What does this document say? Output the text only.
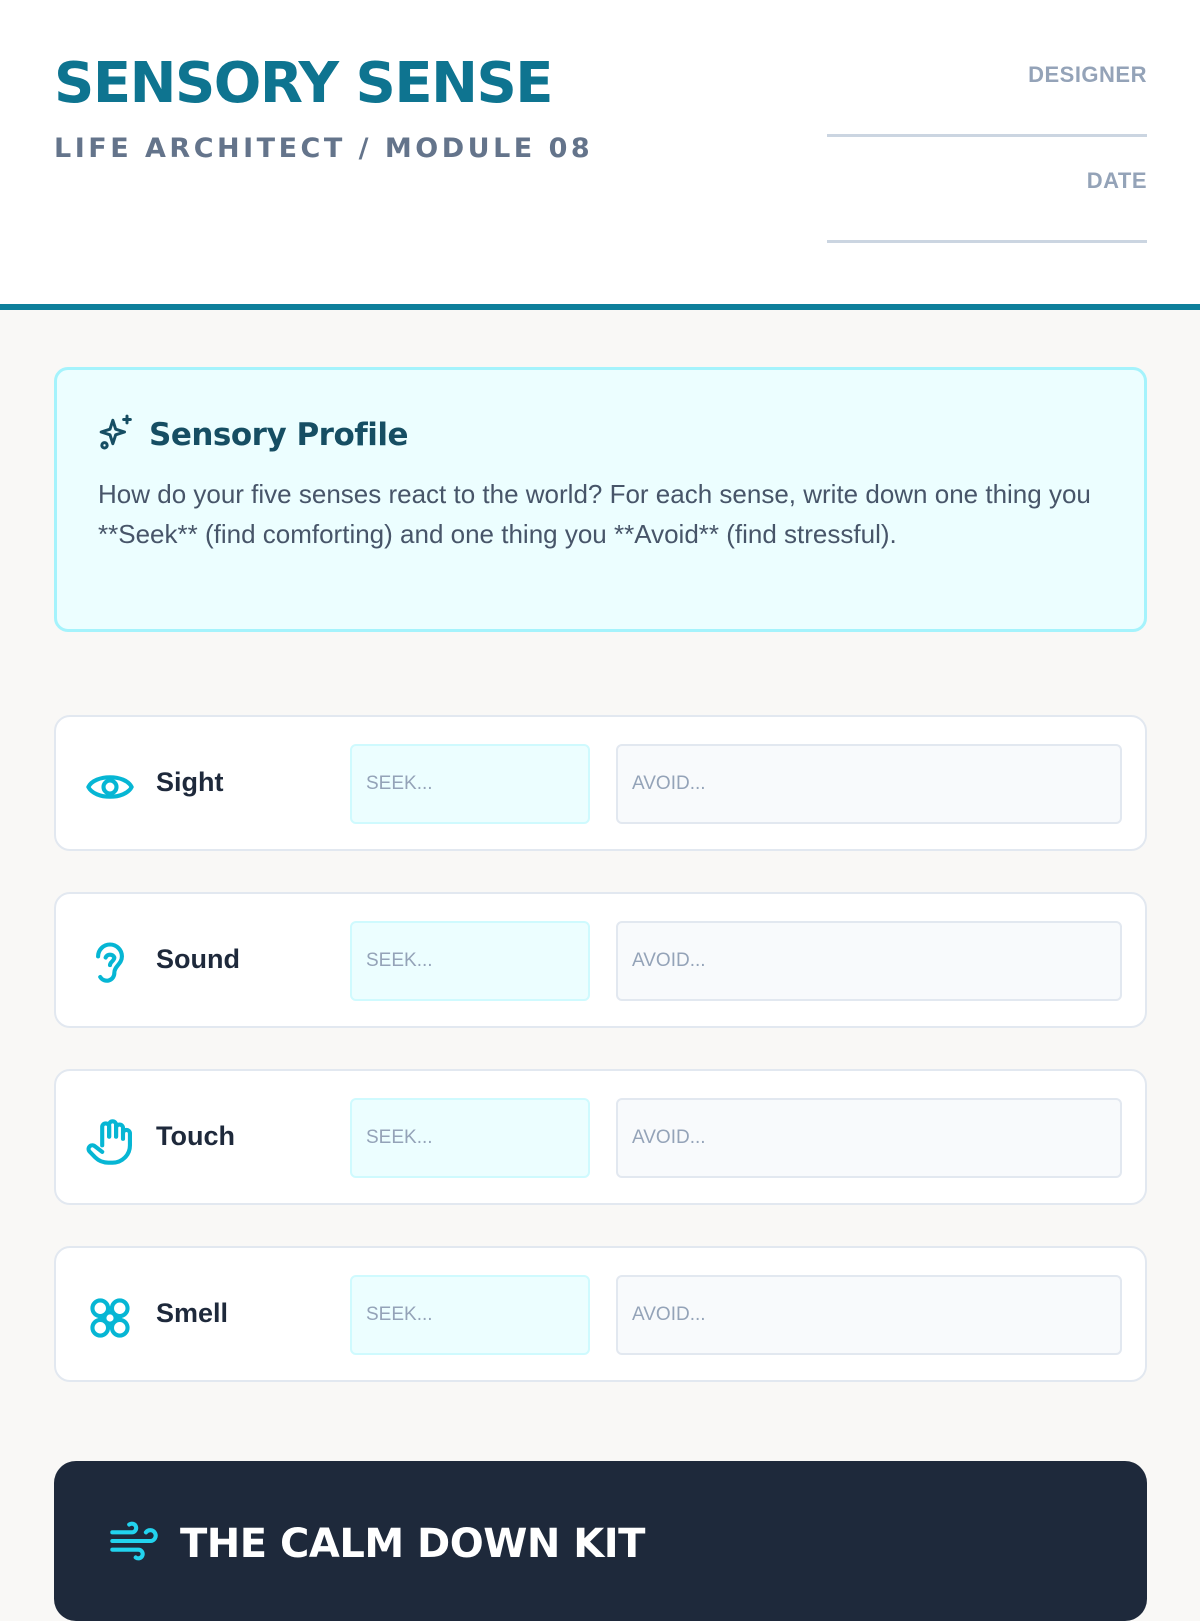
SENSORY SENSE
LIFE ARCHITECT / MODULE 08
DESIGNER
DATE
Sensory Profile

How do your five senses react to the world? For each sense, write down one thing you **Seek** (find comforting) and one thing you **Avoid** (find stressful).

Sight	SEEK...	AVOID...
Sound	SEEK...	AVOID...
Touch	SEEK...	AVOID...
Smell	SEEK...	AVOID...
THE CALM DOWN KIT
